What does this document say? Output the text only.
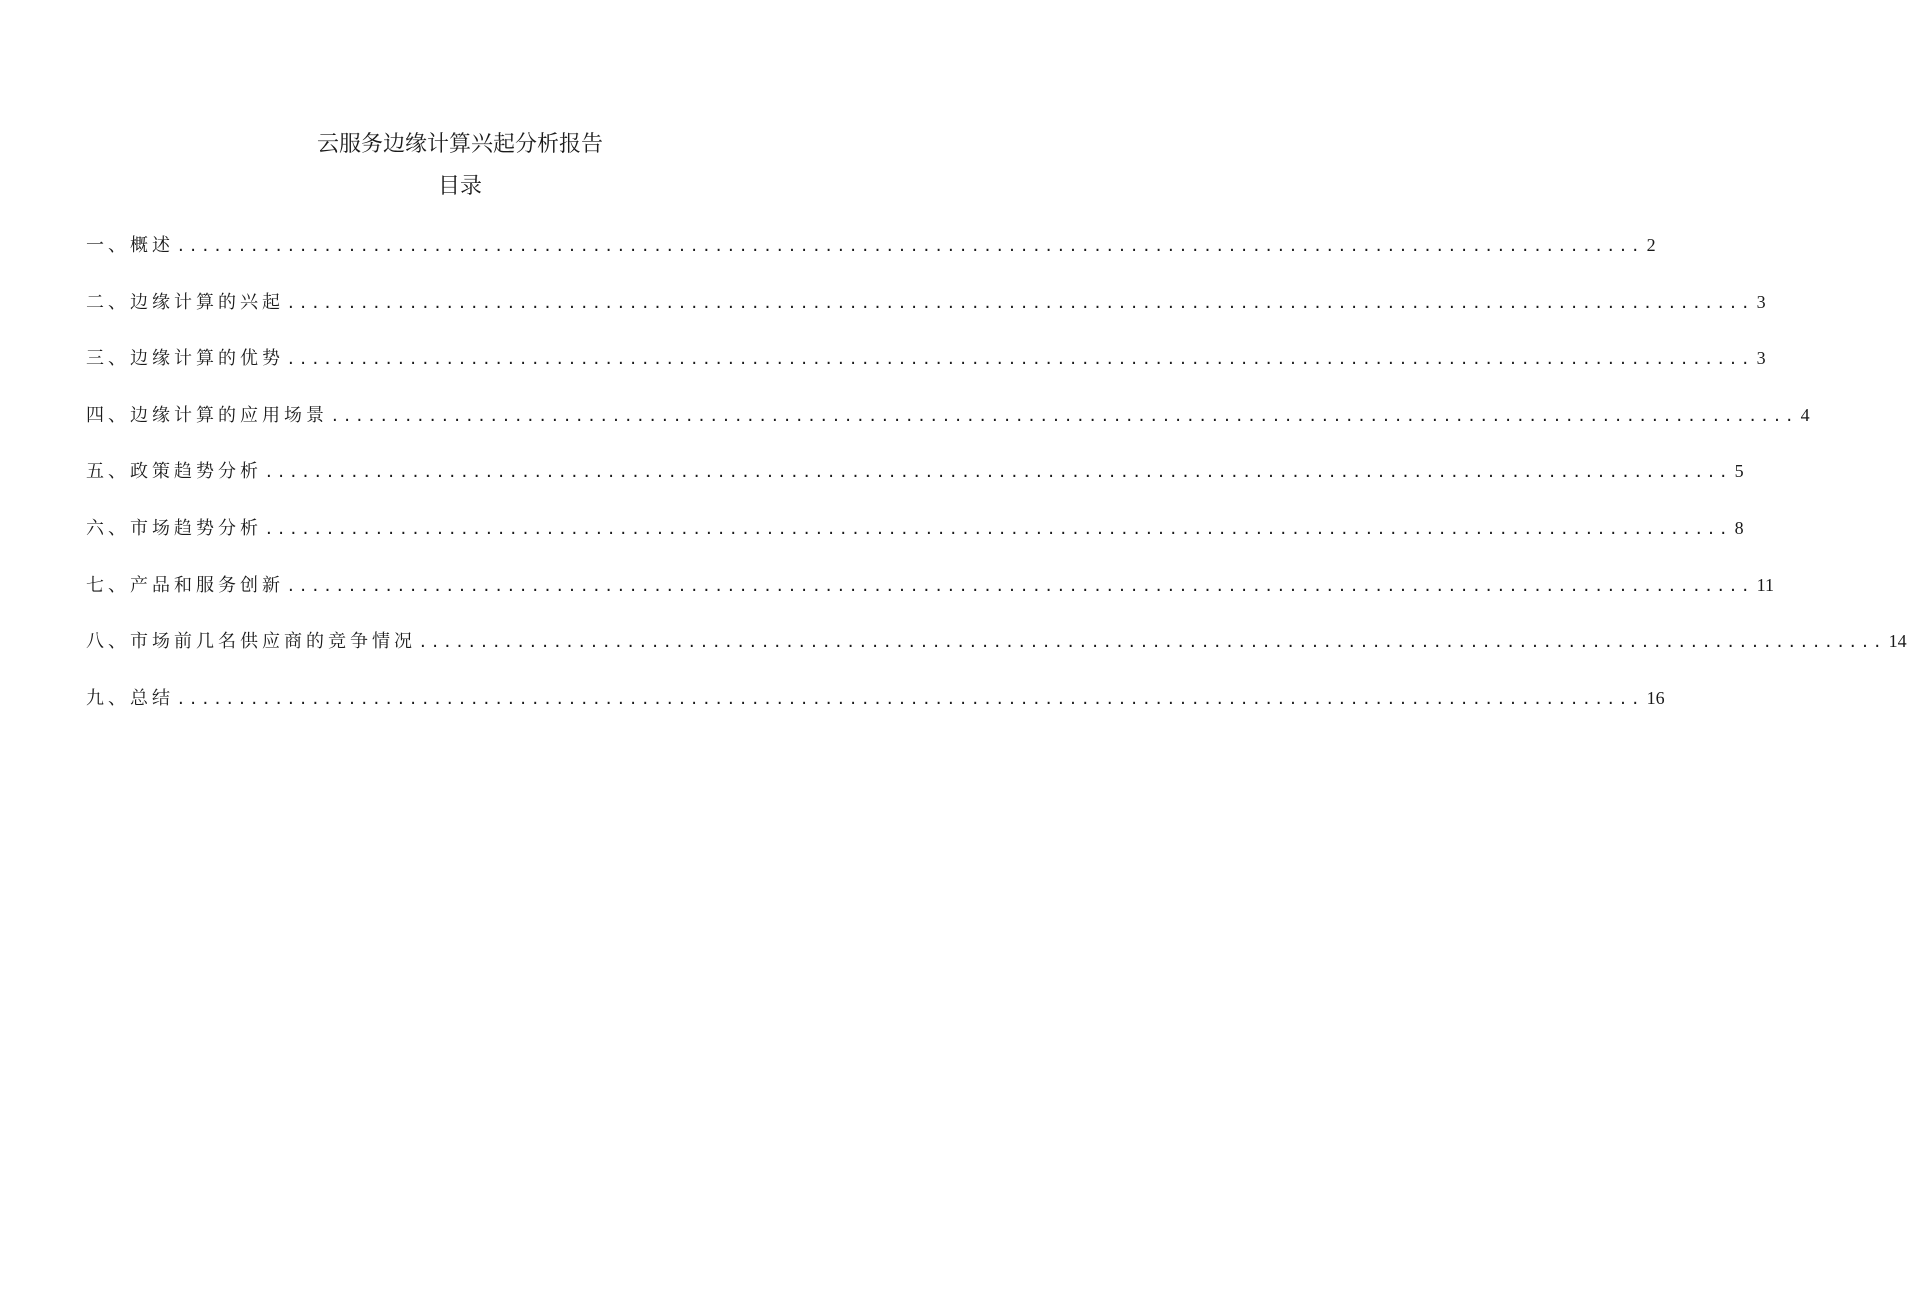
云服务边缘计算兴起分析报告
目录
一、概述 ........................................................................................................................ 2
二、边缘计算的兴起 ........................................................................................................................ 3
三、边缘计算的优势 ........................................................................................................................ 3
四、边缘计算的应用场景 ........................................................................................................................ 4
五、政策趋势分析 ........................................................................................................................ 5
六、市场趋势分析 ........................................................................................................................ 8
七、产品和服务创新 ........................................................................................................................ 11
八、市场前几名供应商的竞争情况 ........................................................................................................................ 14
九、总结 ........................................................................................................................ 16
